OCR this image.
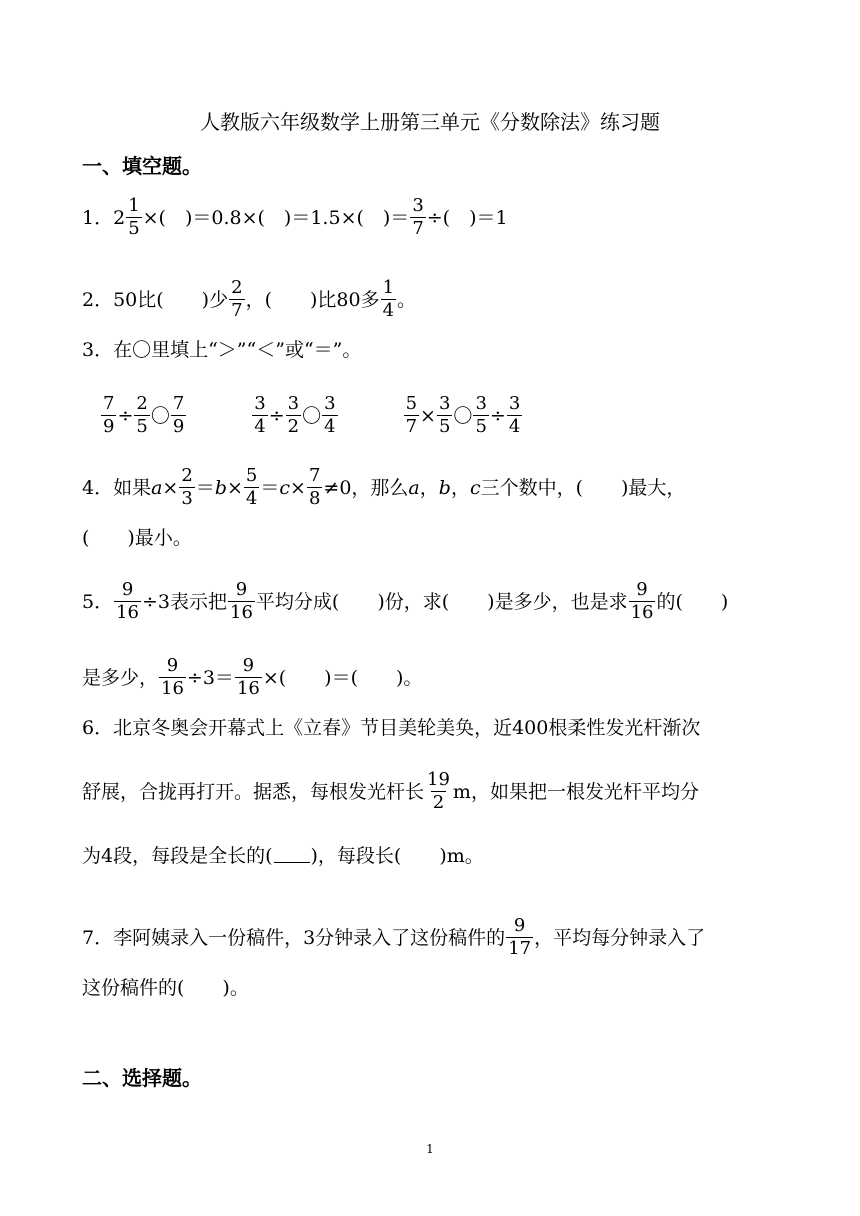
人教版六年级数学上册第三单元《分数除法》练习题
一、填空题。
1． $2 \frac{1}{5}$ ×(　)＝0.8×(　)＝1.5×(　)＝ $\frac{3}{7}$ ÷(　)＝1
2． 50比(　　)少 $\frac{2}{7}$ ，(　　)比80多 $\frac{1}{4}$ 。
3．在〇里填上“＞”“＜”或“＝”。
$\frac{7}{9} \div \frac{2}{5}$ 〇 $\frac{7}{9}$	$\frac{3}{4} \div \frac{3}{2}$ 〇 $\frac{3}{4}$	$\frac{5}{7} \times \frac{3}{5}$ 〇 $\frac{3}{5} \div \frac{3}{4}$
4．如果 $a \times \frac{2}{3} = b \times \frac{5}{4} = c \times \frac{7}{8} \ne 0$，那么 a ， b ， c 三个数中，(　　)最大，
(　　)最小。
5． $\frac{9}{16} \div 3$表示把 $\frac{9}{16}$ 平均分成(　　)份，求(　　)是多少，也是求 $\frac{9}{16}$ 的(　　)
是多少， $\frac{9}{16} \div 3= \frac{9}{16}$ ×(　　)＝(　　)。
6．北京冬奥会开幕式上《立春》节目美轮美奂，近400根柔性发光杆渐次
舒展，合拢再打开。据悉，每根发光杆长 $\frac{19}{2}$ m，如果把一根发光杆平均分
为4段，每段是全长的( )，每段长(　　)m。
7．李阿姨录入一份稿件，3分钟录入了这份稿件的 $\frac{9}{17}$ ，平均每分钟录入了
这份稿件的(　　)。
二、选择题。
1
